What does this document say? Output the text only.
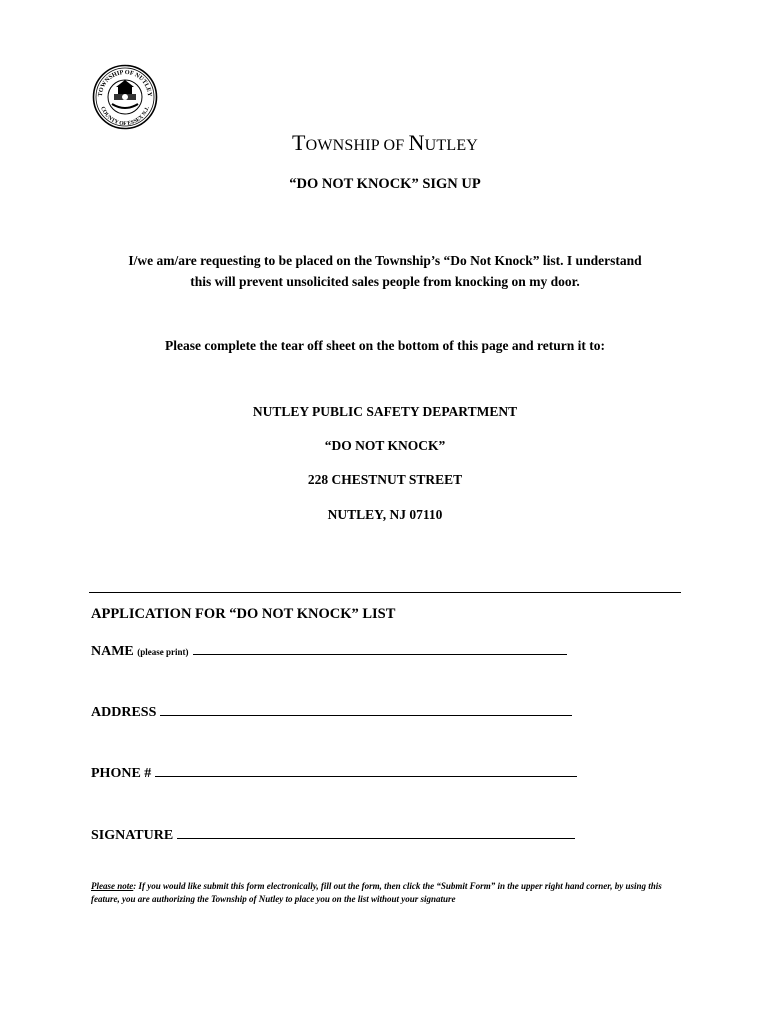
TOWNSHIP OF NUTLEY
COUNTY OF ESSEX N.J.
TOWNSHIP OF NUTLEY
“DO NOT KNOCK” SIGN UP
I/we am/are requesting to be placed on the Township’s “Do Not Knock” list. I understand
this will prevent unsolicited sales people from knocking on my door.
Please complete the tear off sheet on the bottom of this page and return it to:
NUTLEY PUBLIC SAFETY DEPARTMENT
“DO NOT KNOCK”
228 CHESTNUT STREET
NUTLEY, NJ 07110
APPLICATION FOR “DO NOT KNOCK” LIST
NAME (please print)
ADDRESS
PHONE #
SIGNATURE
Please note: If you would like submit this form electronically, fill out the form, then click the “Submit Form” in the upper right hand corner, by using this feature, you are authorizing the Township of Nutley to place you on the list without your signature
